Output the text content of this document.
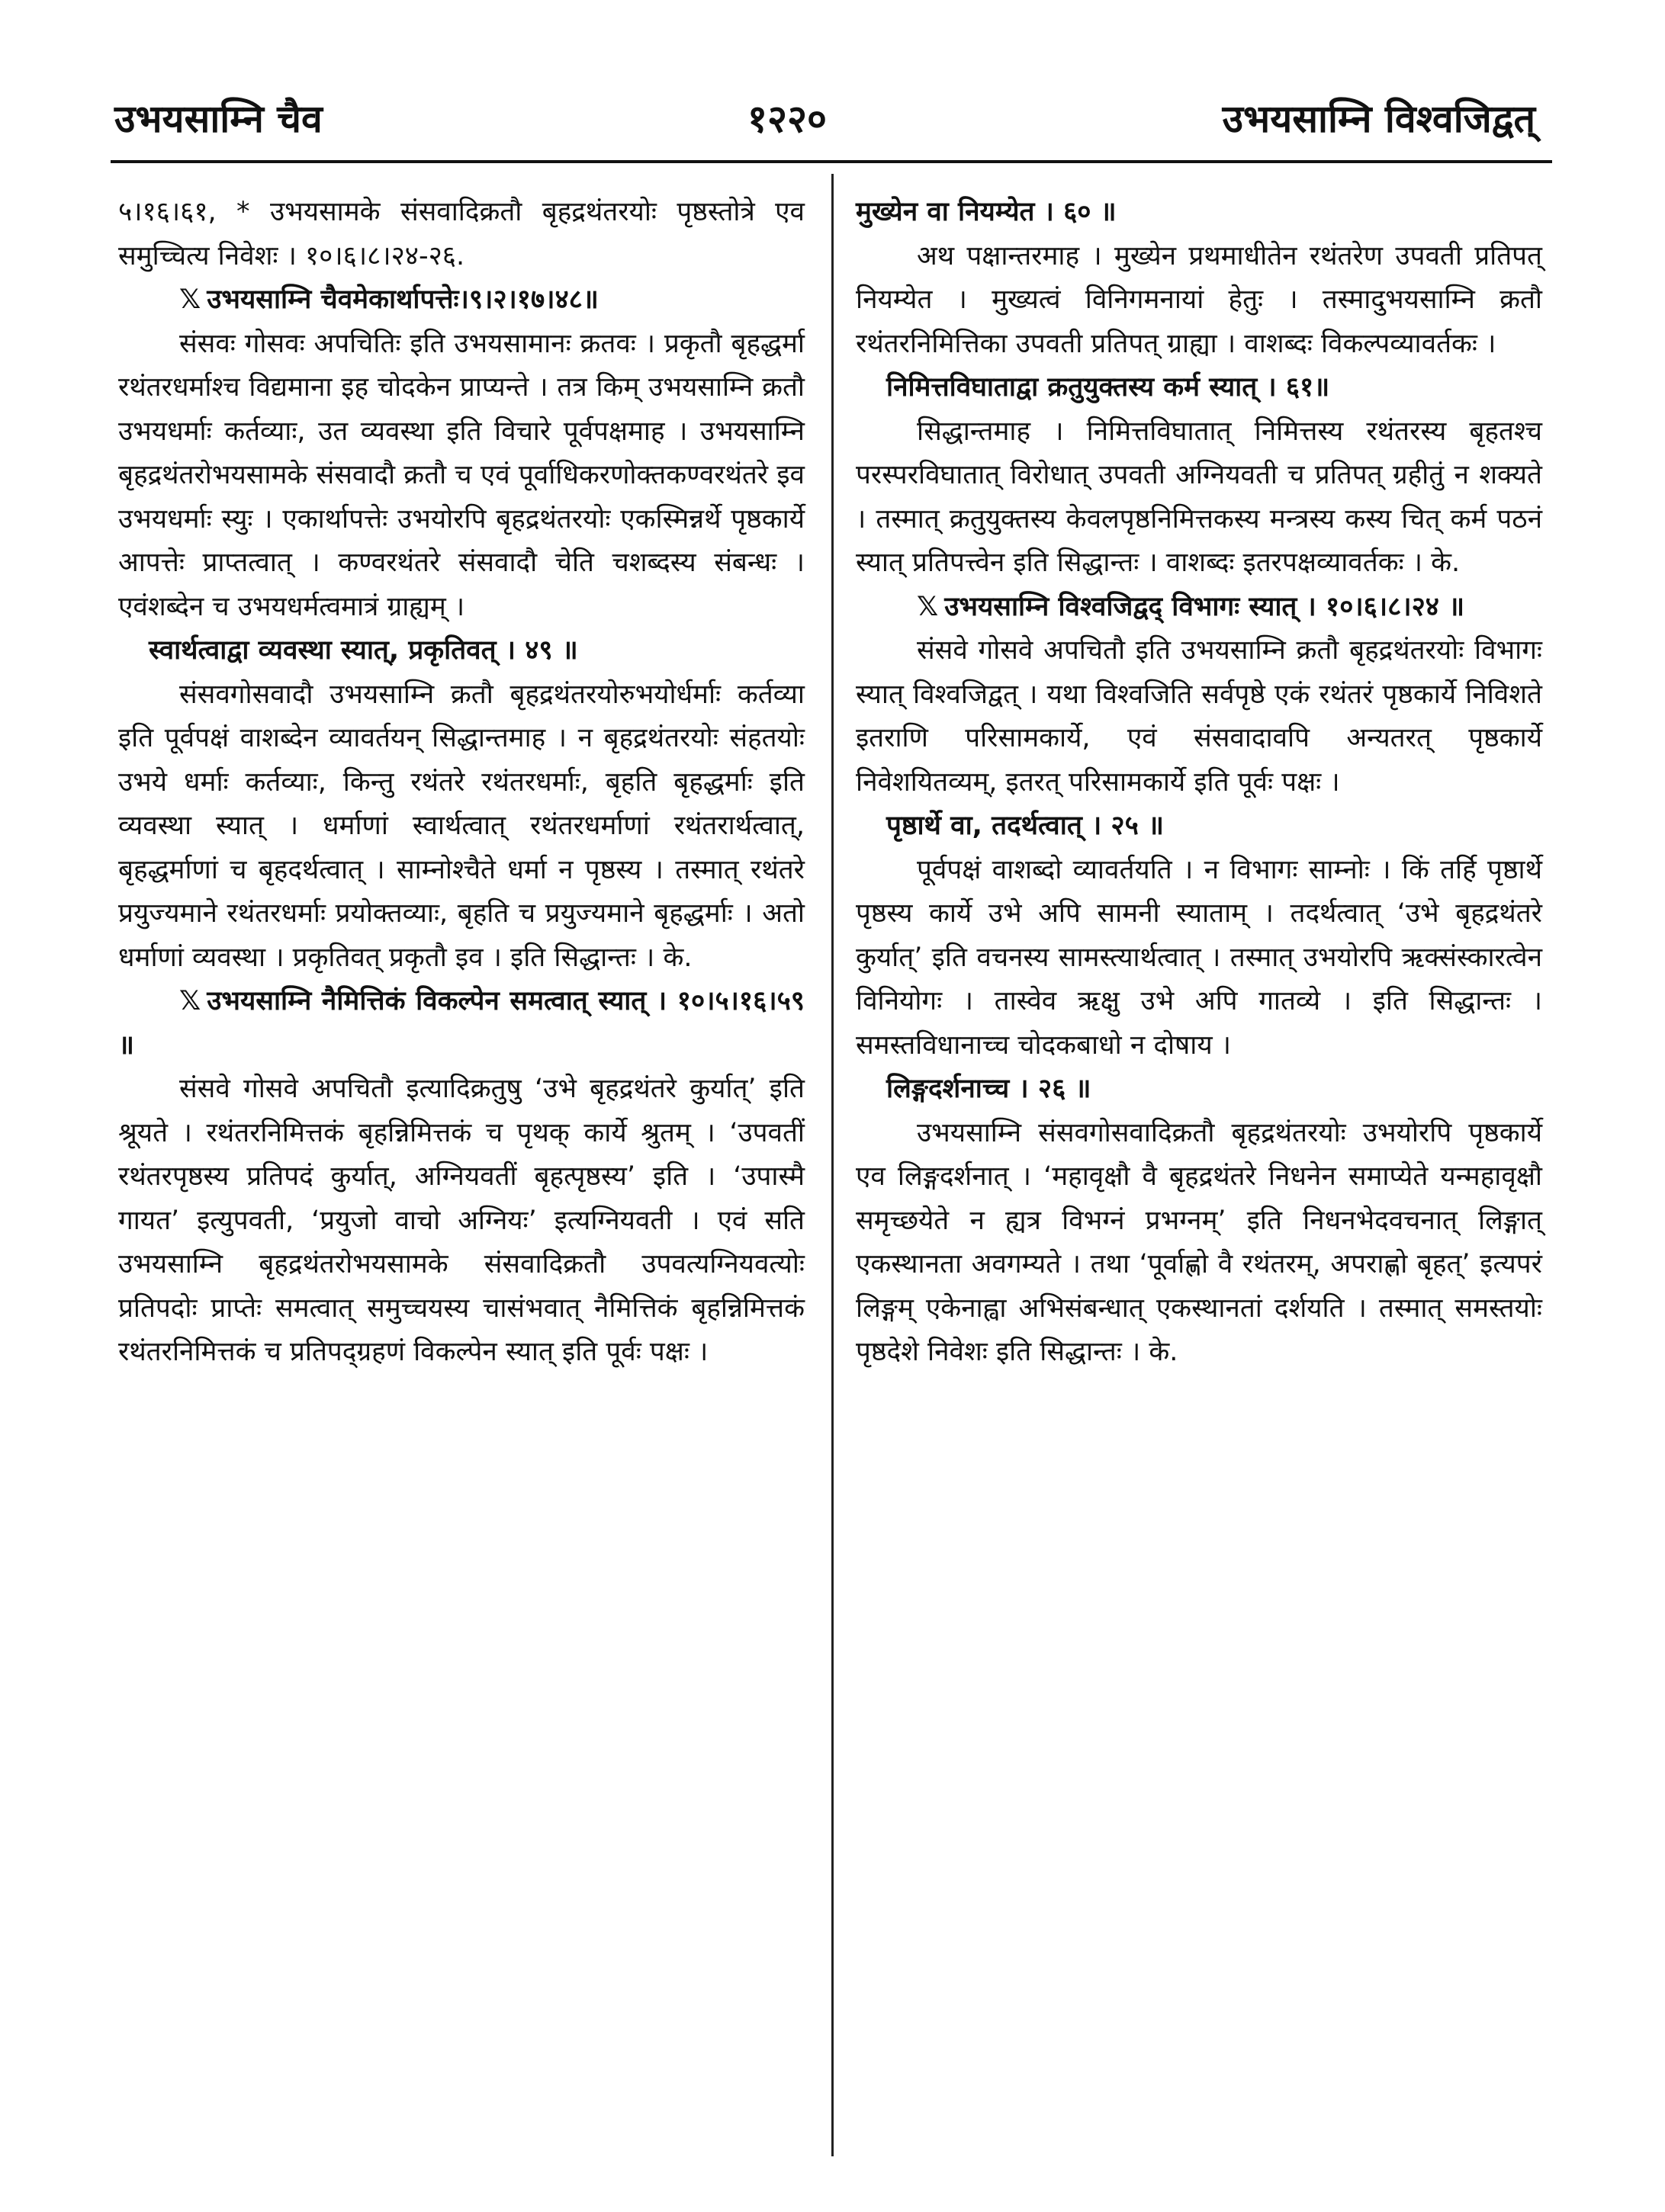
उभयसाम्नि चैव	१२२०	उभयसाम्नि विश्वजिद्वत्

५।१६।६१, * उभयसामके संसवादिक्रतौ बृहद्रथंतरयोः पृष्ठस्तोत्रे एव समुच्चित्य निवेशः । १०।६।८।२४-२६.

𝕏 उभयसाम्नि चैवमेकार्थापत्तेः।९।२।१७।४८॥

संसवः गोसवः अपचितिः इति उभयसामानः क्रतवः । प्रकृतौ बृहद्धर्मा रथंतरधर्माश्च विद्यमाना इह चोदकेन प्राप्यन्ते । तत्र किम् उभयसाम्नि क्रतौ उभयधर्माः कर्तव्याः, उत व्यवस्था इति विचारे पूर्वपक्षमाह । उभयसाम्नि बृहद्रथंतरोभयसामके संसवादौ क्रतौ च एवं पूर्वाधिकरणोक्तकण्वरथंतरे इव उभयधर्माः स्युः । एकार्थापत्तेः उभयोरपि बृहद्रथंतरयोः एकस्मिन्नर्थे पृष्ठकार्ये आपत्तेः प्राप्तत्वात् । कण्वरथंतरे संसवादौ चेति चशब्दस्य संबन्धः । एवंशब्देन च उभयधर्मत्वमात्रं ग्राह्यम् ।

स्वार्थत्वाद्वा व्यवस्था स्यात्, प्रकृतिवत् । ४९ ॥

संसवगोसवादौ उभयसाम्नि क्रतौ बृहद्रथंतरयोरुभयोर्धर्माः कर्तव्या इति पूर्वपक्षं वाशब्देन व्यावर्तयन् सिद्धान्तमाह । न बृहद्रथंतरयोः संहतयोः उभये धर्माः कर्तव्याः, किन्तु रथंतरे रथंतरधर्माः, बृहति बृहद्धर्माः इति व्यवस्था स्यात् । धर्माणां स्वार्थत्वात् रथंतरधर्माणां रथंतरार्थत्वात्, बृहद्धर्माणां च बृहदर्थत्वात् । साम्नोश्चैते धर्मा न पृष्ठस्य । तस्मात् रथंतरे प्रयुज्यमाने रथंतरधर्माः प्रयोक्तव्याः, बृहति च प्रयुज्यमाने बृहद्धर्माः । अतो धर्माणां व्यवस्था । प्रकृतिवत् प्रकृतौ इव । इति सिद्धान्तः । के.

𝕏 उभयसाम्नि नैमित्तिकं विकल्पेन समत्वात् स्यात् । १०।५।१६।५९ ॥

संसवे गोसवे अपचितौ इत्यादिक्रतुषु ‘उभे बृहद्रथंतरे कुर्यात्’ इति श्रूयते । रथंतरनिमित्तकं बृहन्निमित्तकं च पृथक् कार्ये श्रुतम् । ‘उपवतीं रथंतरपृष्ठस्य प्रतिपदं कुर्यात्, अग्नियवतीं बृहत्पृष्ठस्य’ इति । ‘उपास्मै गायत’ इत्युपवती, ‘प्रयुजो वाचो अग्नियः’ इत्यग्नियवती । एवं सति उभयसाम्नि बृहद्रथंतरोभयसामके संसवादिक्रतौ उपवत्यग्नियवत्योः प्रतिपदोः प्राप्तेः समत्वात् समुच्चयस्य चासंभवात् नैमित्तिकं बृहन्निमित्तकं रथंतरनिमित्तकं च प्रतिपद्ग्रहणं विकल्पेन स्यात् इति पूर्वः पक्षः ।

मुख्येन वा नियम्येत । ६० ॥

अथ पक्षान्तरमाह । मुख्येन प्रथमाधीतेन रथंतरेण उपवती प्रतिपत् नियम्येत । मुख्यत्वं विनिगमनायां हेतुः । तस्मादुभयसाम्नि क्रतौ रथंतरनिमित्तिका उपवती प्रतिपत् ग्राह्या । वाशब्दः विकल्पव्यावर्तकः ।

निमित्तविघाताद्वा क्रतुयुक्तस्य कर्म स्यात् । ६१॥

सिद्धान्तमाह । निमित्तविघातात् निमित्तस्य रथंतरस्य बृहतश्च परस्परविघातात् विरोधात् उपवती अग्नियवती च प्रतिपत् ग्रहीतुं न शक्यते । तस्मात् क्रतुयुक्तस्य केवलपृष्ठनिमित्तकस्य मन्त्रस्य कस्य चित् कर्म पठनं स्यात् प्रतिपत्त्वेन इति सिद्धान्तः । वाशब्दः इतरपक्षव्यावर्तकः । के.

𝕏 उभयसाम्नि विश्वजिद्वद् विभागः स्यात् । १०।६।८।२४ ॥

संसवे गोसवे अपचितौ इति उभयसाम्नि क्रतौ बृहद्रथंतरयोः विभागः स्यात् विश्वजिद्वत् । यथा विश्वजिति सर्वपृष्ठे एकं रथंतरं पृष्ठकार्ये निविशते इतराणि परिसामकार्ये, एवं संसवादावपि अन्यतरत् पृष्ठकार्ये निवेशयितव्यम्, इतरत् परिसामकार्ये इति पूर्वः पक्षः ।

पृष्ठार्थे वा, तदर्थत्वात् । २५ ॥

पूर्वपक्षं वाशब्दो व्यावर्तयति । न विभागः साम्नोः । किं तर्हि पृष्ठार्थे पृष्ठस्य कार्ये उभे अपि सामनी स्याताम् । तदर्थत्वात् ‘उभे बृहद्रथंतरे कुर्यात्’ इति वचनस्य सामस्त्यार्थत्वात् । तस्मात् उभयोरपि ऋक्संस्कारत्वेन विनियोगः । तास्वेव ऋक्षु उभे अपि गातव्ये । इति सिद्धान्तः । समस्तविधानाच्च चोदकबाधो न दोषाय ।

लिङ्गदर्शनाच्च । २६ ॥

उभयसाम्नि संसवगोसवादिक्रतौ बृहद्रथंतरयोः उभयोरपि पृष्ठकार्ये एव लिङ्गदर्शनात् । ‘महावृक्षौ वै बृहद्रथंतरे निधनेन समाप्येते यन्महावृक्षौ समृच्छयेते न ह्यत्र विभग्नं प्रभग्नम्’ इति निधनभेदवचनात् लिङ्गात् एकस्थानता अवगम्यते । तथा ‘पूर्वाह्णो वै रथंतरम्, अपराह्णो बृहत्’ इत्यपरं लिङ्गम् एकेनाह्वा अभिसंबन्धात् एकस्थानतां दर्शयति । तस्मात् समस्तयोः पृष्ठदेशे निवेशः इति सिद्धान्तः । के.
